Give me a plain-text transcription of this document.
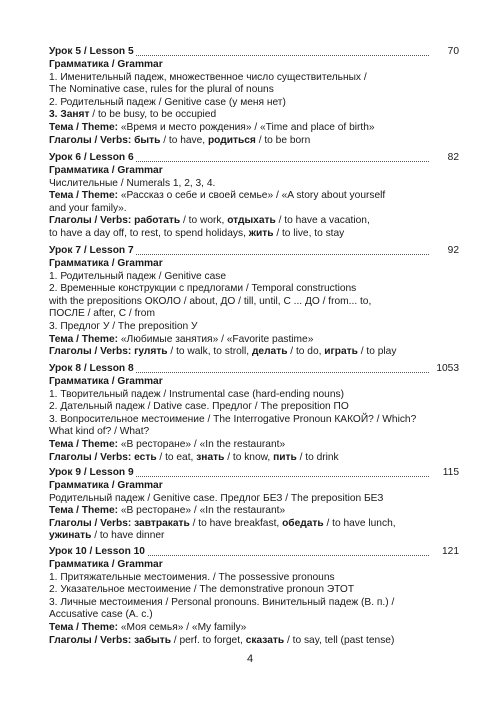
Урок 5 / Lesson 5	70
Грамматика / Grammar
1. Именительный падеж, множественное число существительных /
The Nominative case, rules for the plural of nouns
2. Родительный падеж / Genitive case (у меня нет)
3. Занят / to be busy, to be occupied
Тема / Theme: «Время и место рождения» / «Time and place of birth»
Глаголы / Verbs: быть / to have, родиться / to be born
Урок 6 / Lesson 6	82
Грамматика / Grammar
Числительные / Numerals 1, 2, 3, 4.
Тема / Theme: «Рассказ о себе и своей семье» / «A story about yourself
and your family».
Глаголы / Verbs: работать / to work, отдыхать / to have a vacation,
to have a day off, to rest, to spend holidays, жить / to live, to stay
Урок 7 / Lesson 7	92
Грамматика / Grammar
1. Родительный падеж / Genitive case
2. Временные конструкции с предлогами / Temporal constructions
with the prepositions ОКОЛО / about, ДО / till, until, С ... ДО / from... to,
ПОСЛЕ / after, С / from
3. Предлог У / The preposition У
Тема / Theme: «Любимые занятия» / «Favorite pastime»
Глаголы / Verbs: гулять / to walk, to stroll, делать / to do, играть / to play
Урок 8 / Lesson 8	1053
Грамматика / Grammar
1. Творительный падеж / Instrumental case (hard-ending nouns)
2. Дательный падеж / Dative case. Предлог / The preposition ПО
3. Вопросительное местоимение / The Interrogative Pronoun КАКОЙ? / Which?
What kind of? / What?
Тема / Theme: «В ресторане» / «In the restaurant»
Глаголы / Verbs: есть / to eat, знать / to know, пить / to drink
Урок 9 / Lesson 9	115
Грамматика / Grammar
Родительный падеж / Genitive case. Предлог БЕЗ / The preposition БЕЗ
Тема / Theme: «В ресторане» / «In the restaurant»
Глаголы / Verbs: завтракать / to have breakfast, обедать / to have lunch,
ужинать / to have dinner
Урок 10 / Lesson 10	121
Грамматика / Grammar
1. Притяжательные местоимения. / The possessive pronouns
2. Указательное местоимение / The demonstrative pronoun ЭТОТ
3. Личные местоимения / Personal pronouns. Винительный падеж (В. п.) /
Accusative case (А. с.)
Тема / Theme: «Моя семья» / «My family»
Глаголы / Verbs: забыть / perf. to forget, сказать / to say, tell (past tense)
4
